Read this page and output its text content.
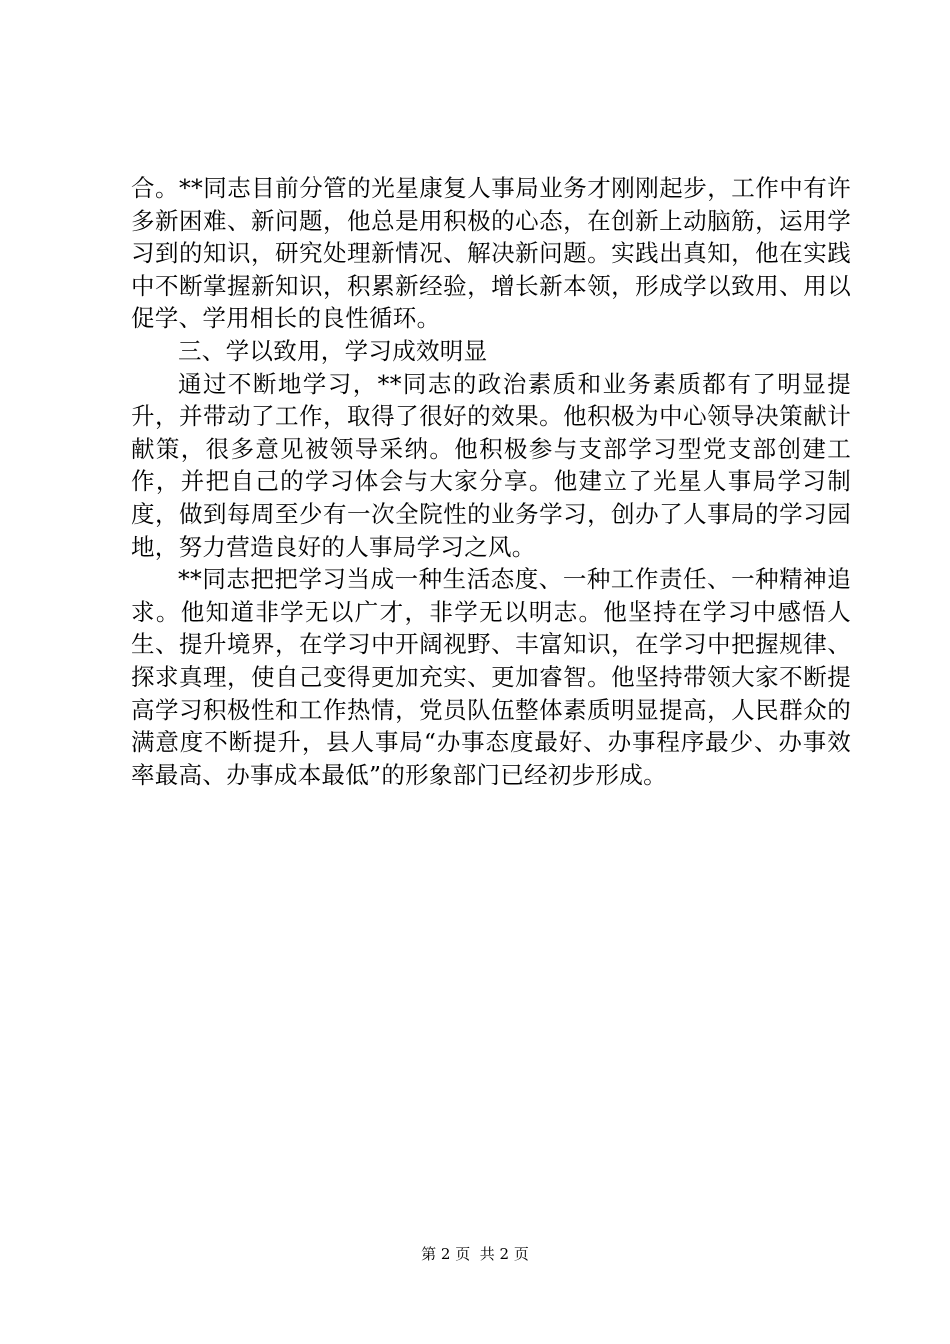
合。**同志目前分管的光星康复人事局业务才刚刚起步，工作中有许多新困难、新问题，他总是用积极的心态，在创新上动脑筋，运用学习到的知识，研究处理新情况、解决新问题。实践出真知，他在实践中不断掌握新知识，积累新经验，增长新本领，形成学以致用、用以促学、学用相长的良性循环。

三、学以致用，学习成效明显

通过不断地学习，**同志的政治素质和业务素质都有了明显提升，并带动了工作，取得了很好的效果。他积极为中心领导决策献计献策，很多意见被领导采纳。他积极参与支部学习型党支部创建工作，并把自己的学习体会与大家分享。他建立了光星人事局学习制度，做到每周至少有一次全院性的业务学习，创办了人事局的学习园地，努力营造良好的人事局学习之风。

**同志把把学习当成一种生活态度、一种工作责任、一种精神追求。他知道非学无以广才，非学无以明志。他坚持在学习中感悟人生、提升境界，在学习中开阔视野、丰富知识，在学习中把握规律、探求真理，使自己变得更加充实、更加睿智。他坚持带领大家不断提高学习积极性和工作热情，党员队伍整体素质明显提高，人民群众的满意度不断提升，县人事局“办事态度最好、办事程序最少、办事效率最高、办事成本最低”的形象部门已经初步形成。

第 2 页  共 2 页
